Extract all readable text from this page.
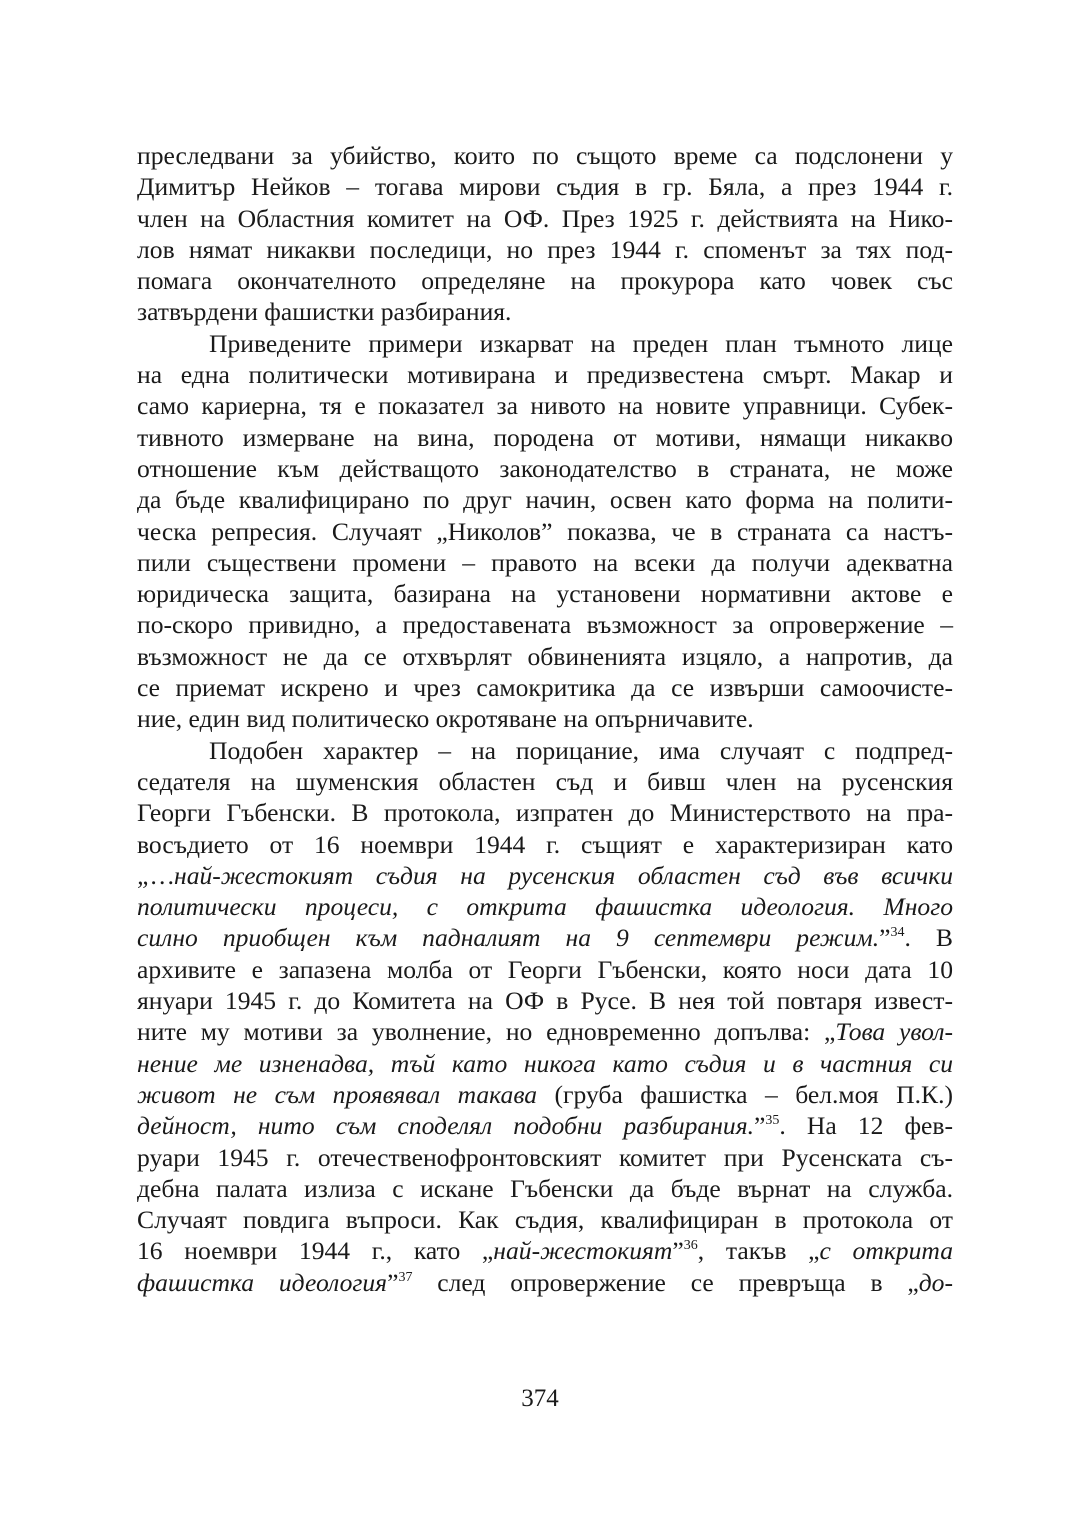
преследвани за убийство, които по същото време са подслонени у
Димитър Нейков – тогава мирови съдия в гр. Бяла, а през 1944 г.
член на Областния комитет на ОФ. През 1925 г. действията на Нико-
лов нямат никакви последици, но през 1944 г. споменът за тях под-
помага окончателното определяне на прокурора като човек със
затвърдени фашистки разбирания.
Приведените примери изкарват на преден план тъмното лице
на една политически мотивирана и предизвестена смърт. Макар и
само кариерна, тя е показател за нивото на новите управници. Субек-
тивното измерване на вина, породена от мотиви, нямащи никакво
отношение към действащото законодателство в страната, не може
да бъде квалифицирано по друг начин, освен като форма на полити-
ческа репресия. Случаят „Николов” показва, че в страната са настъ-
пили съществени промени – правото на всеки да получи адекватна
юридическа защита, базирана на установени нормативни актове е
по-скоро привидно, а предоставената възможност за опровержение –
възможност не да се отхвърлят обвиненията изцяло, а напротив, да
се приемат искрено и чрез самокритика да се извърши самоочисте-
ние, един вид политическо окротяване на опърничавите.
Подобен характер – на порицание, има случаят с подпред-
седателя на шуменския областен съд и бивш член на русенския
Георги Гъбенски. В протокола, изпратен до Министерството на пра-
восъдието от 16 ноември 1944 г. същият е характеризиран като
„…най-жестокият съдия на русенския областен съд във всички
политически процеси, с открита фашистка идеология. Много
силно приобщен към падналият на 9 септември режим.”$^{34}$. В
архивите е запазена молба от Георги Гъбенски, която носи дата 10
януари 1945 г. до Комитета на ОФ в Русе. В нея той повтаря извест-
ните му мотиви за уволнение, но едновременно допълва: „Това увол-
нение ме изненадва, тъй като никога като съдия и в частния си
живот не съм проявявал такава (груба фашистка – бел.моя П.К.)
дейност, нито съм споделял подобни разбирания.”$^{35}$. На 12 фев-
руари 1945 г. отечественофронтовският комитет при Русенската съ-
дебна палата излиза с искане Гъбенски да бъде върнат на служба.
Случаят повдига въпроси. Как съдия, квалифициран в протокола от
16 ноември 1944 г., като „най-жестокият”$^{36}$, такъв „с открита
фашистка идеология”$^{37}$ след опровержение се превръща в „до-
374
